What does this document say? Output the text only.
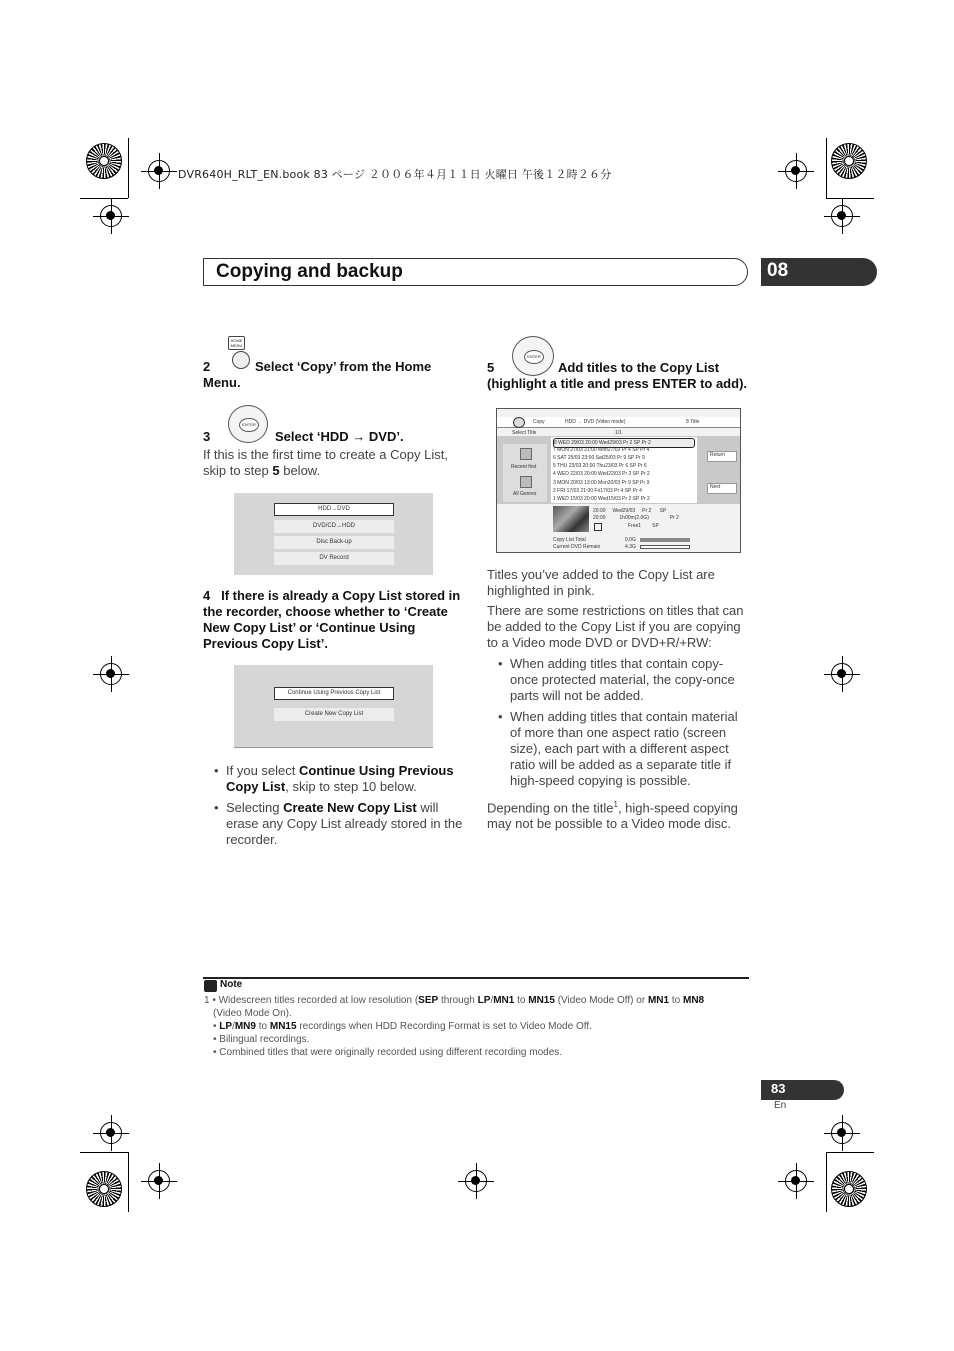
DVR640H_RLT_EN.book 83 ページ ２００６年４月１１日 火曜日 午後１２時２６分
Copying and backup	08
HOME
MENU
2	Select ‘Copy’ from the Home Menu.
ENTER
3	Select ‘HDD → DVD’.
If this is the first time to create a Copy List, skip to step 5 below.
HDD→DVD
DVD/CD→HDD
Disc Back-up
DV Record
4 If there is already a Copy List stored in the recorder, choose whether to ‘Create New Copy List’ or ‘Continue Using Previous Copy List’.
Continue Using Previous Copy List
Create New Copy List
• If you select Continue Using Previous Copy List, skip to step 10 below.
• Selecting Create New Copy List will erase any Copy List already stored in the recorder.
ENTER
5	Add titles to the Copy List (highlight a title and press ENTER to add).
Copy	HDD → DVD (Video mode)	8 Title
Select Title	1/1
Recent first
All Genres
8 WED 29/03 20:00 Wed29/03 Pr 2 SP Pr 2
7 MON 27/03 21:00 Mon27/03 Pr 4 SP Pr 4
6 SAT 25/03 23:00 Sat25/03 Pr 9 SP Pr 9
5 THU 23/03 20:00 Thu23/03 Pr 6 SP Pr 6
4 WED 22/03 20:00 Wed22/03 Pr 2 SP Pr 2
3 MON 20/03 13:00 Mon20/03 Pr 9 SP Pr 9
2 FRI 17/03 21:00 Fri17/03 Pr 4 SP Pr 4
1 WED 15/03 20:00 Wed15/03 Pr 2 SP Pr 2
Return
Next
20:00     Wed29/03     Pr 2      SP
20:00          1h00m(2.0G)               Pr 2
Free1        SP
Copy List Total	0.0G
Current DVD Remain	4.3G
Titles you’ve added to the Copy List are highlighted in pink.
There are some restrictions on titles that can be added to the Copy List if you are copying to a Video mode DVD or DVD+R/+RW:
• When adding titles that contain copy-once protected material, the copy-once parts will not be added.
• When adding titles that contain material of more than one aspect ratio (screen size), each part with a different aspect ratio will be added as a separate title if high-speed copying is possible.
Depending on the title$^1$, high-speed copying may not be possible to a Video mode disc.
Note
1 • Widescreen titles recorded at low resolution (SEP through LP/MN1 to MN15 (Video Mode Off) or MN1 to MN8
(Video Mode On).
• LP/MN9 to MN15 recordings when HDD Recording Format is set to Video Mode Off.
• Bilingual recordings.
• Combined titles that were originally recorded using different recording modes.
83
En
